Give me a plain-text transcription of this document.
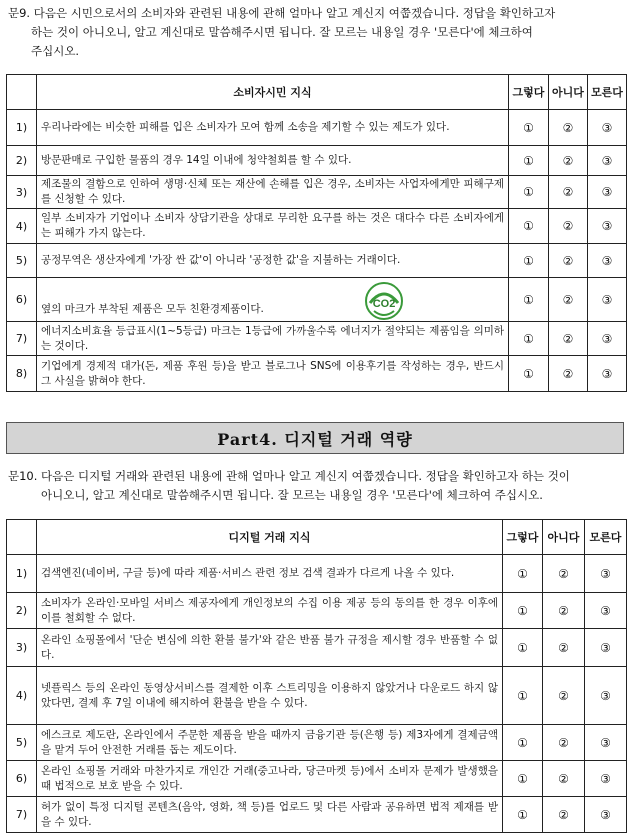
문9. 다음은 시민으로서의 소비자와 관련된 내용에 관해 얼마나 알고 계신지 여쭙겠습니다. 정답을 확인하고자
하는 것이 아니오니, 알고 계신대로 말씀해주시면 됩니다. 잘 모르는 내용일 경우 '모른다'에 체크하여
주십시오.
	소비자시민 지식	그렇다	아니다	모른다
1)	우리나라에는 비슷한 피해를 입은 소비자가 모여 함께 소송을 제기할 수 있는 제도가 있다.	①	②	③
2)	방문판매로 구입한 물품의 경우 14일 이내에 청약철회를 할 수 있다.	①	②	③
3)	제조물의 결함으로 인하여 생명·신체 또는 재산에 손해를 입은 경우, 소비자는 사업자에게만 피해구제를 신청할 수 있다.	①	②	③
4)	일부 소비자가 기업이나 소비자 상담기관을 상대로 무리한 요구를 하는 것은 대다수 다른 소비자에게는 피해가 가지 않는다.	①	②	③
5)	공정무역은 생산자에게 '가장 싼 값'이 아니라 '공정한 값'을 지불하는 거래이다.	①	②	③
6)	옆의 마크가 부착된 제품은 모두 친환경제품이다.	①	②	③
7)	에너지소비효율 등급표시(1~5등급) 마크는 1등급에 가까울수록 에너지가 절약되는 제품임을 의미하는 것이다.	①	②	③
8)	기업에게 경제적 대가(돈, 제품 후원 등)을 받고 블로그나 SNS에 이용후기를 작성하는 경우, 반드시 그 사실을 밝혀야 한다.	①	②	③
CO2
Part4. 디지털 거래 역량
문10. 다음은 디지털 거래와 관련된 내용에 관해 얼마나 알고 계신지 여쭙겠습니다. 정답을 확인하고자 하는 것이
아니오니, 알고 계신대로 말씀해주시면 됩니다. 잘 모르는 내용일 경우 '모른다'에 체크하여 주십시오.
	디지털 거래 지식	그렇다	아니다	모른다
1)	검색엔진(네이버, 구글 등)에 따라 제품·서비스 관련 정보 검색 결과가 다르게 나올 수 있다.	①	②	③
2)	소비자가 온라인·모바일 서비스 제공자에게 개인정보의 수집 이용 제공 등의 동의를 한 경우 이후에 이를 철회할 수 없다.	①	②	③
3)	온라인 쇼핑몰에서 '단순 변심에 의한 환불 불가'와 같은 반품 불가 규정을 제시할 경우 반품할 수 없다.	①	②	③
4)	넷플릭스 등의 온라인 동영상서비스를 결제한 이후 스트리밍을 이용하지 않았거나 다운로드 하지 않았다면, 결제 후 7일 이내에 해지하여 환불을 받을 수 있다.	①	②	③
5)	에스크로 제도란, 온라인에서 주문한 제품을 받을 때까지 금융기관 등(은행 등) 제3자에게 결제금액을 맡겨 두어 안전한 거래를 돕는 제도이다.	①	②	③
6)	온라인 쇼핑몰 거래와 마찬가지로 개인간 거래(중고나라, 당근마켓 등)에서 소비자 문제가 발생했을 때 법적으로 보호 받을 수 있다.	①	②	③
7)	허가 없이 특정 디지털 콘텐츠(음악, 영화, 책 등)를 업로드 및 다른 사람과 공유하면 법적 제재를 받을 수 있다.	①	②	③
